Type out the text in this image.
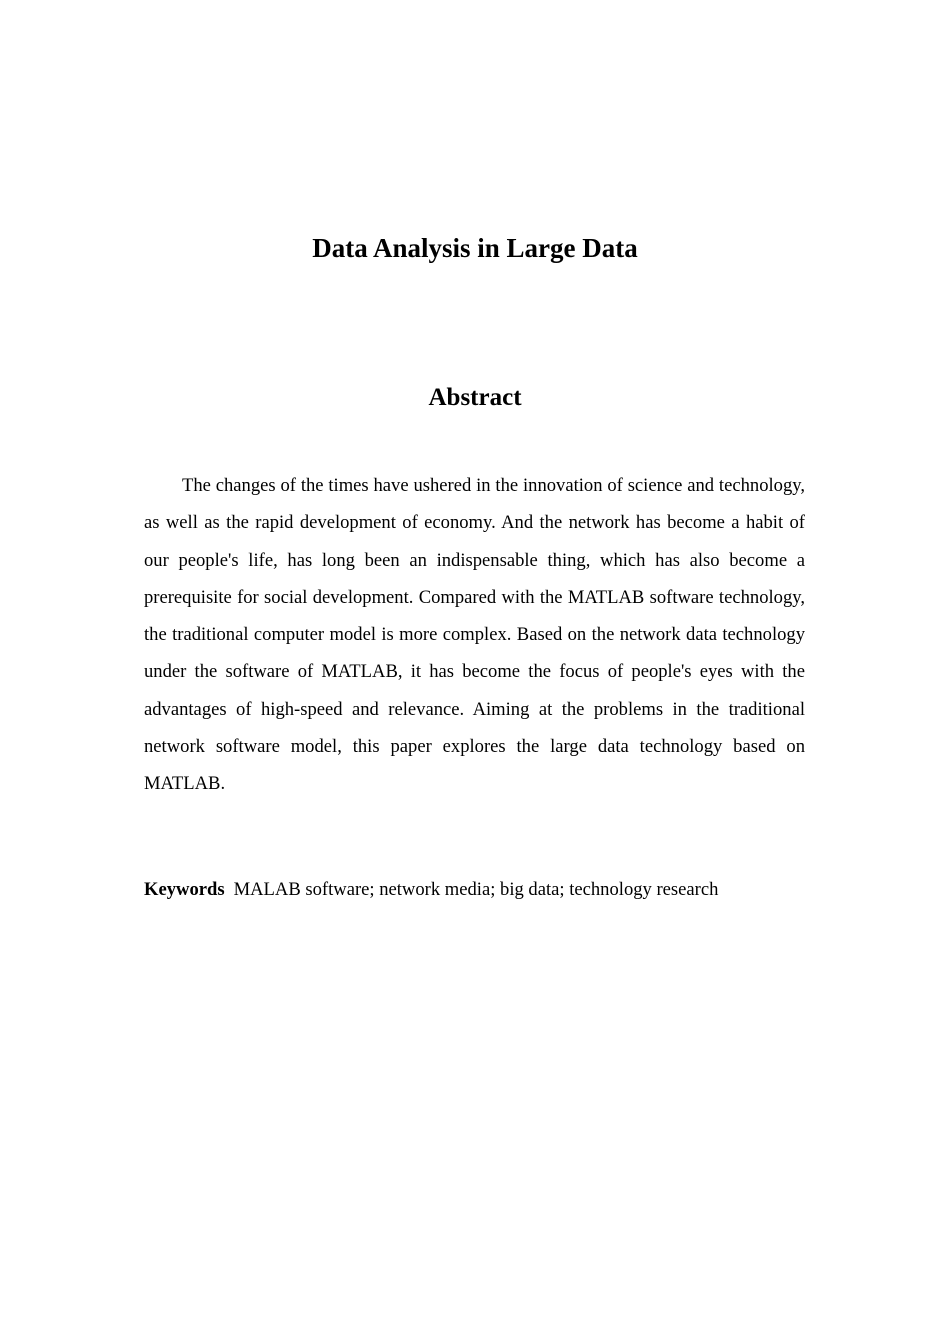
Data Analysis in Large Data
Abstract

The changes of the times have ushered in the innovation of science and technology, as well as the rapid development of economy. And the network has become a habit of our people's life, has long been an indispensable thing, which has also become a prerequisite for social development. Compared with the MATLAB software technology, the traditional computer model is more complex. Based on the network data technology under the software of MATLAB, it has become the focus of people's eyes with the advantages of high-speed and relevance. Aiming at the problems in the traditional network software model, this paper explores the large data technology based on MATLAB.

Keywords MALAB software; network media; big data; technology research
